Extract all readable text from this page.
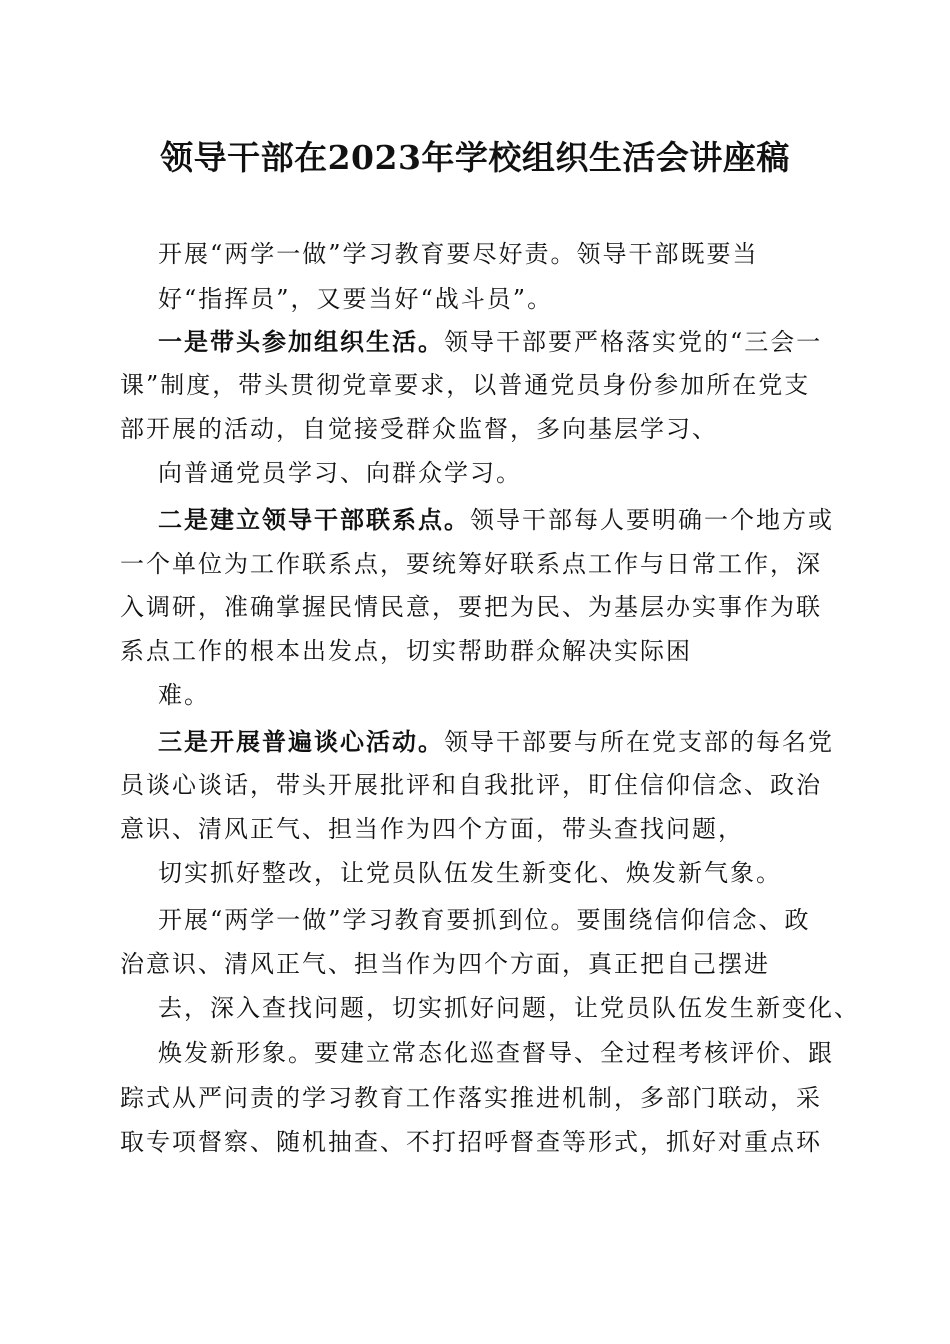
领导干部在2023年学校组织生活会讲座稿
开展“两学一做”学习教育要尽好责。领导干部既要当
好“指挥员”，又要当好“战斗员”。
一是带头参加组织生活。领导干部要严格落实党的“三会一
课”制度，带头贯彻党章要求，以普通党员身份参加所在党支
部开展的活动，自觉接受群众监督，多向基层学习、
向普通党员学习、向群众学习。
二是建立领导干部联系点。领导干部每人要明确一个地方或
一个单位为工作联系点，要统筹好联系点工作与日常工作，深
入调研，准确掌握民情民意，要把为民、为基层办实事作为联
系点工作的根本出发点，切实帮助群众解决实际困
难。
三是开展普遍谈心活动。领导干部要与所在党支部的每名党
员谈心谈话，带头开展批评和自我批评，盯住信仰信念、政治
意识、清风正气、担当作为四个方面，带头查找问题，
切实抓好整改，让党员队伍发生新变化、焕发新气象。
开展“两学一做”学习教育要抓到位。要围绕信仰信念、政
治意识、清风正气、担当作为四个方面，真正把自己摆进
去，深入查找问题，切实抓好问题，让党员队伍发生新变化、
焕发新形象。要建立常态化巡查督导、全过程考核评价、跟
踪式从严问责的学习教育工作落实推进机制，多部门联动，采
取专项督察、随机抽查、不打招呼督查等形式，抓好对重点环
